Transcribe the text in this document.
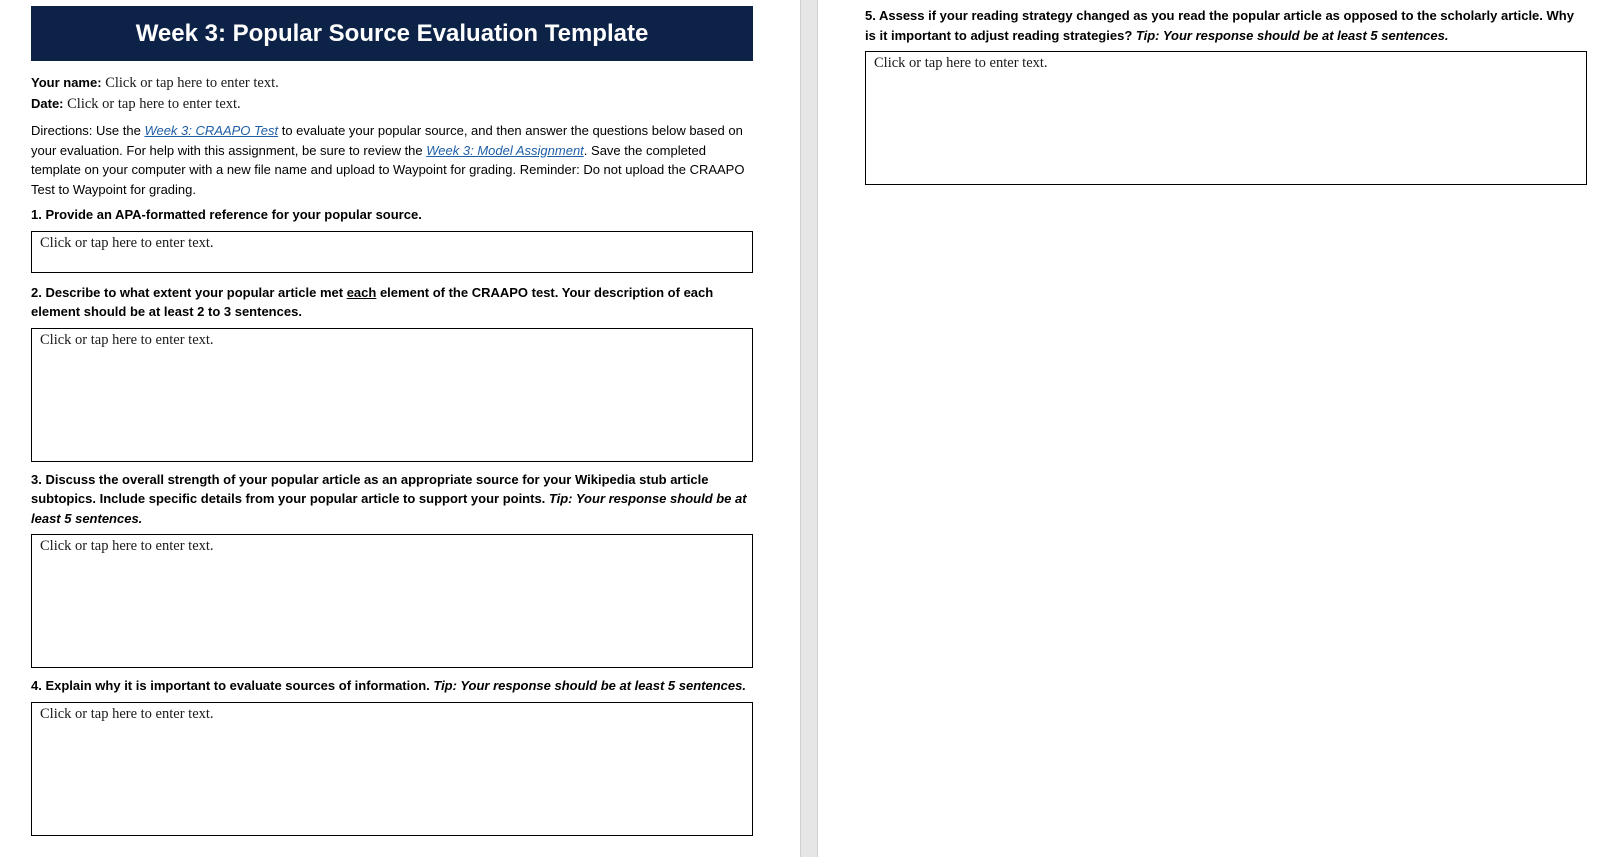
Week 3: Popular Source Evaluation Template
Your name: Click or tap here to enter text.
Date: Click or tap here to enter text.
Directions: Use the Week 3: CRAAPO Test to evaluate your popular source, and then answer the questions below based on your evaluation. For help with this assignment, be sure to review the Week 3: Model Assignment. Save the completed template on your computer with a new file name and upload to Waypoint for grading. Reminder: Do not upload the CRAAPO Test to Waypoint for grading.
1. Provide an APA-formatted reference for your popular source.
Click or tap here to enter text.
2. Describe to what extent your popular article met each element of the CRAAPO test. Your description of each element should be at least 2 to 3 sentences.
Click or tap here to enter text.
3. Discuss the overall strength of your popular article as an appropriate source for your Wikipedia stub article subtopics. Include specific details from your popular article to support your points. Tip: Your response should be at least 5 sentences.
Click or tap here to enter text.
4. Explain why it is important to evaluate sources of information. Tip: Your response should be at least 5 sentences.
Click or tap here to enter text.
5. Assess if your reading strategy changed as you read the popular article as opposed to the scholarly article. Why is it important to adjust reading strategies? Tip: Your response should be at least 5 sentences.
Click or tap here to enter text.
